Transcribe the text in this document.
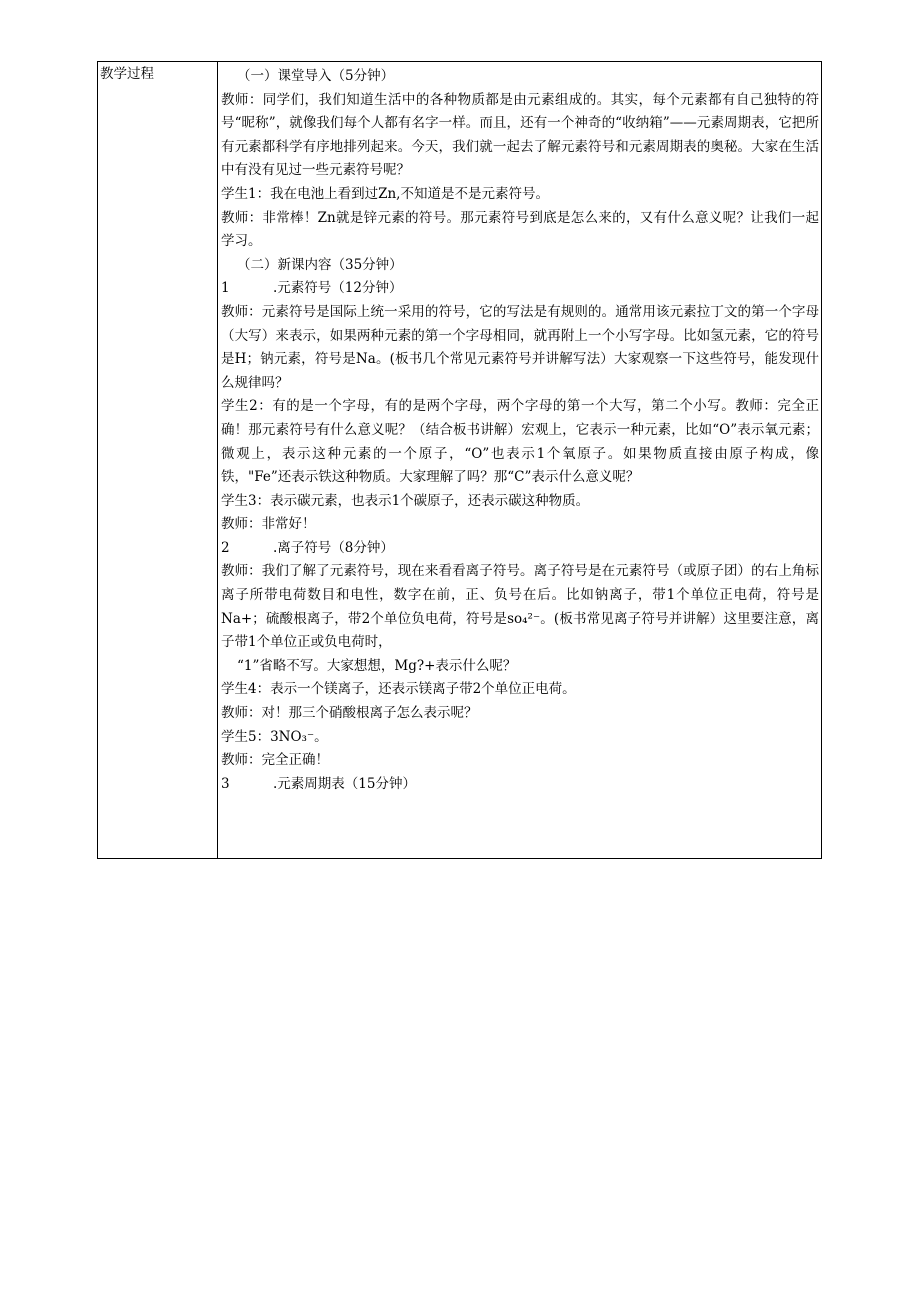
教学过程	（一）课堂导入（5分钟）

教师：同学们，我们知道生活中的各种物质都是由元素组成的。其实，每个元素都有自己独特的符号“昵称”，就像我们每个人都有名字一样。而且，还有一个神奇的“收纳箱”——元素周期表，它把所有元素都科学有序地排列起来。今天，我们就一起去了解元素符号和元素周期表的奥秘。大家在生活中有没有见过一些元素符号呢？

学生1：我在电池上看到过Zn,不知道是不是元素符号。

教师：非常棒！Zn就是锌元素的符号。那元素符号到底是怎么来的，又有什么意义呢？让我们一起学习。

（二）新课内容（35分钟）

1	.元素符号（12分钟）

教师：元素符号是国际上统一采用的符号，它的写法是有规则的。通常用该元素拉丁文的第一个字母（大写）来表示，如果两种元素的第一个字母相同，就再附上一个小写字母。比如氢元素，它的符号是H；钠元素，符号是Na。(板书几个常见元素符号并讲解写法）大家观察一下这些符号，能发现什么规律吗？

学生2：有的是一个字母，有的是两个字母，两个字母的第一个大写，第二个小写。教师：完全正确！那元素符号有什么意义呢？（结合板书讲解）宏观上，它表示一种元素，比如“O”表示氧元素；微观上，表示这种元素的一个原子，“O”也表示1个氧原子。如果物质直接由原子构成，像铁，"Fe”还表示铁这种物质。大家理解了吗？那“C”表示什么意义呢？

学生3：表示碳元素，也表示1个碳原子，还表示碳这种物质。

教师：非常好！

2	.离子符号（8分钟）

教师：我们了解了元素符号，现在来看看离子符号。离子符号是在元素符号（或原子团）的右上角标离子所带电荷数目和电性，数字在前，正、负号在后。比如钠离子，带1个单位正电荷，符号是Na+；硫酸根离子，带2个单位负电荷，符号是so₄²⁻。(板书常见离子符号并讲解）这里要注意，离子带1个单位正或负电荷时，

“1”省略不写。大家想想，Mg?+表示什么呢？

学生4：表示一个镁离子，还表示镁离子带2个单位正电荷。

教师：对！那三个硝酸根离子怎么表示呢？

学生5：3NO₃⁻。

教师：完全正确！

3	.元素周期表（15分钟）
